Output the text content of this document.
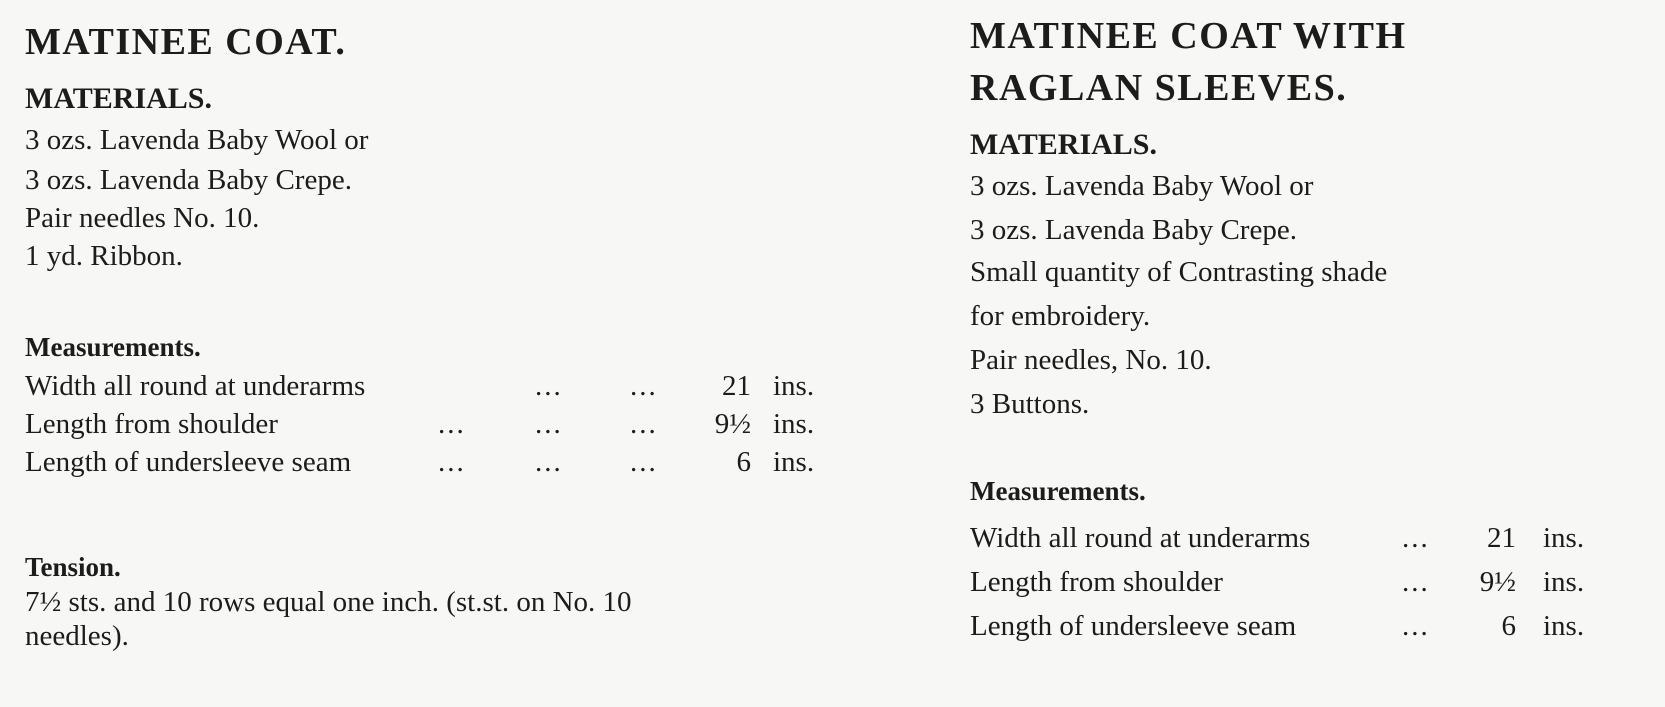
MATINEE COAT.
MATERIALS.
3 ozs. Lavenda Baby Wool or
3 ozs. Lavenda Baby Crepe.
Pair needles No. 10.
1 yd. Ribbon.
Measurements.
Width all round at underarms	... ...	21 ins.
Length from shoulder	... ... ...	9½ ins.
Length of undersleeve seam	... ... ...	6 ins.
Tension.
7½ sts. and 10 rows equal one inch. (st.st. on No. 10
needles).
MATINEE COAT WITH
RAGLAN SLEEVES.
MATERIALS.
3 ozs. Lavenda Baby Wool or
3 ozs. Lavenda Baby Crepe.
Small quantity of Contrasting shade
for embroidery.
Pair needles, No. 10.
3 Buttons.
Measurements.
Width all round at underarms	...	21 ins.
Length from shoulder	...	9½ ins.
Length of undersleeve seam	...	6 ins.
